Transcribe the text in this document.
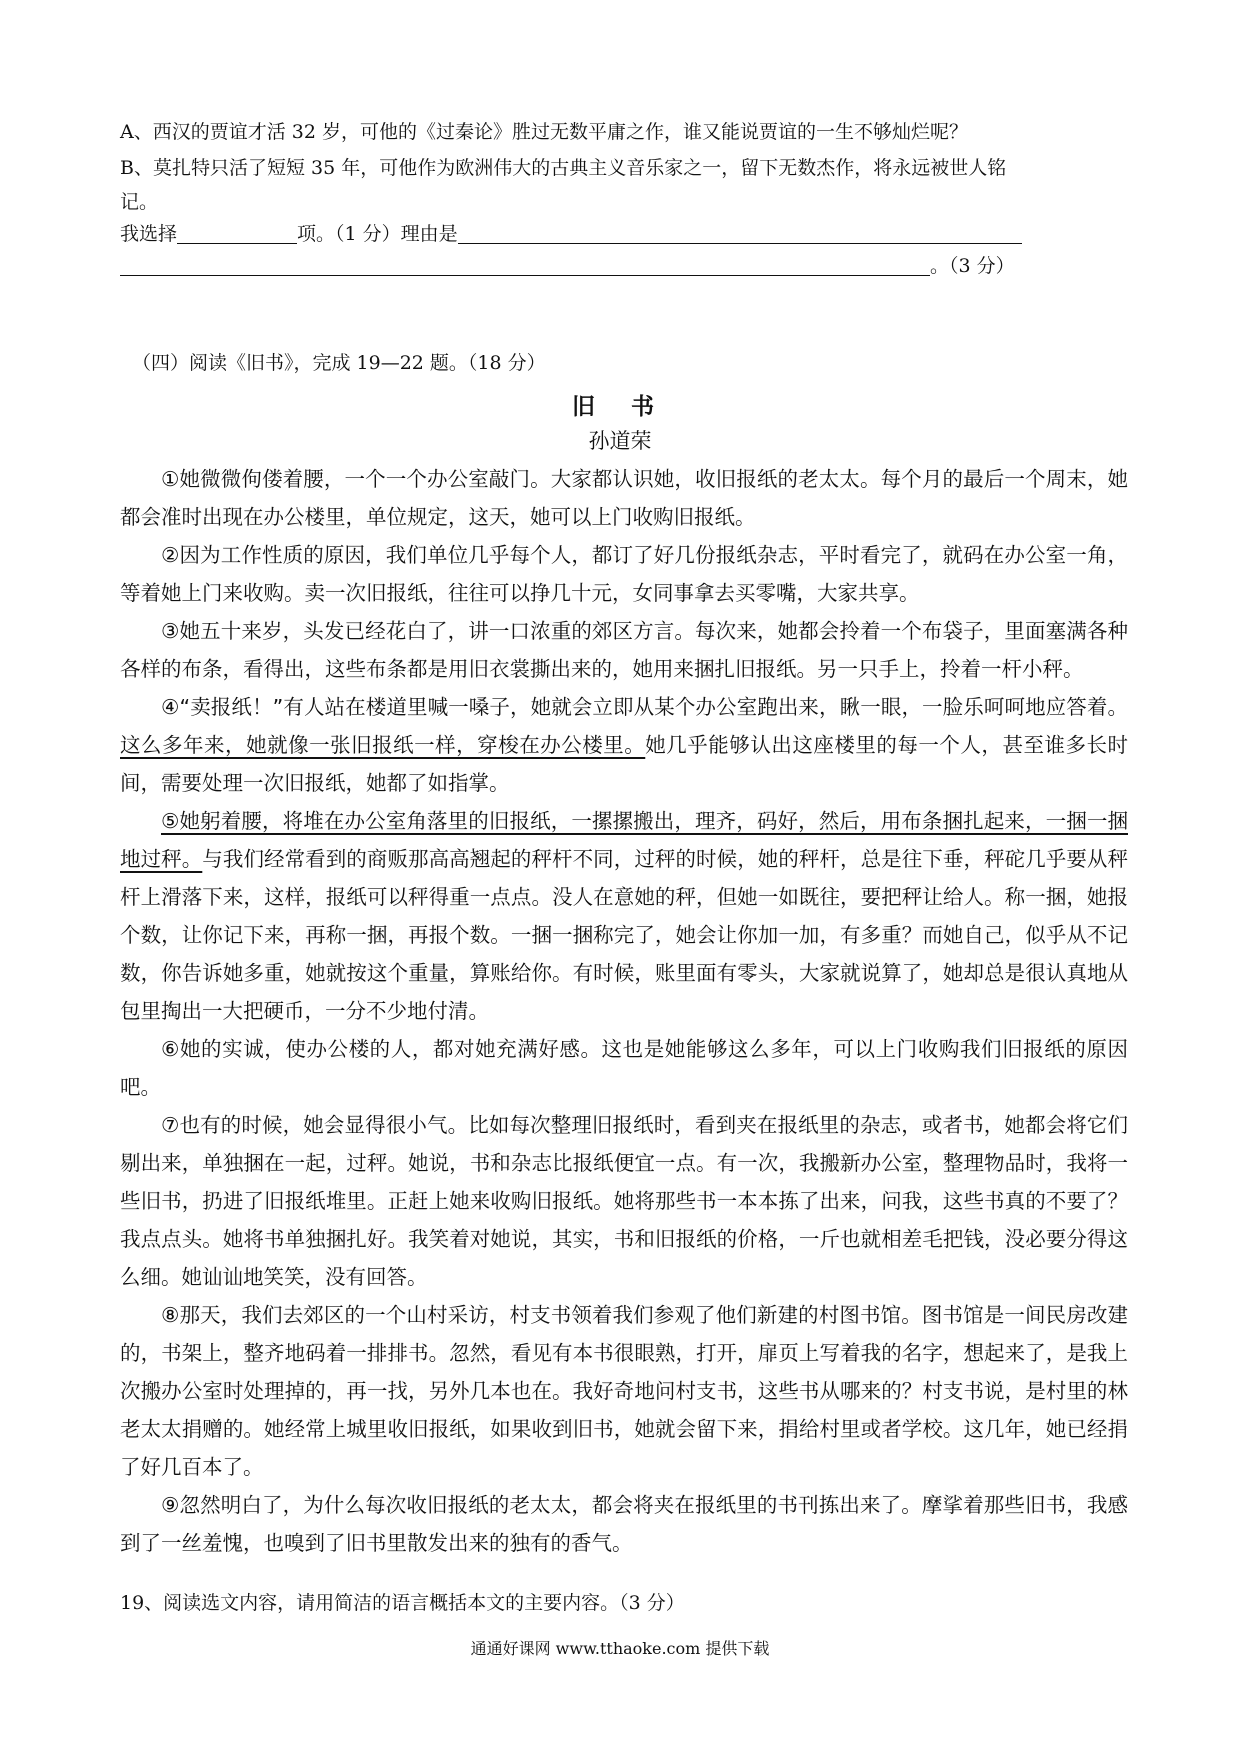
A、西汉的贾谊才活 32 岁，可他的《过秦论》胜过无数平庸之作，谁又能说贾谊的一生不够灿烂呢？
B、莫扎特只活了短短 35 年，可他作为欧洲伟大的古典主义音乐家之一，留下无数杰作，将永远被世人铭
记。
我选择	项。（1 分）理由是
。（3 分）
（四）阅读《旧书》，完成 19—22 题。（18 分）
旧 书
孙道荣

①她微微佝偻着腰，一个一个办公室敲门。大家都认识她，收旧报纸的老太太。每个月的最后一个周末，她都会准时出现在办公楼里，单位规定，这天，她可以上门收购旧报纸。

②因为工作性质的原因，我们单位几乎每个人，都订了好几份报纸杂志，平时看完了，就码在办公室一角，等着她上门来收购。卖一次旧报纸，往往可以挣几十元，女同事拿去买零嘴，大家共享。

③她五十来岁，头发已经花白了，讲一口浓重的郊区方言。每次来，她都会拎着一个布袋子，里面塞满各种各样的布条，看得出，这些布条都是用旧衣裳撕出来的，她用来捆扎旧报纸。另一只手上，拎着一杆小秤。

④“卖报纸！”有人站在楼道里喊一嗓子，她就会立即从某个办公室跑出来，瞅一眼，一脸乐呵呵地应答着。这么多年来，她就像一张旧报纸一样，穿梭在办公楼里。她几乎能够认出这座楼里的每一个人，甚至谁多长时间，需要处理一次旧报纸，她都了如指掌。

⑤她躬着腰，将堆在办公室角落里的旧报纸，一摞摞搬出，理齐，码好，然后，用布条捆扎起来，一捆一捆地过秤。与我们经常看到的商贩那高高翘起的秤杆不同，过秤的时候，她的秤杆，总是往下垂，秤砣几乎要从秤杆上滑落下来，这样，报纸可以秤得重一点点。没人在意她的秤，但她一如既往，要把秤让给人。称一捆，她报个数，让你记下来，再称一捆，再报个数。一捆一捆称完了，她会让你加一加，有多重？而她自己，似乎从不记数，你告诉她多重，她就按这个重量，算账给你。有时候，账里面有零头，大家就说算了，她却总是很认真地从包里掏出一大把硬币，一分不少地付清。

⑥她的实诚，使办公楼的人，都对她充满好感。这也是她能够这么多年，可以上门收购我们旧报纸的原因吧。

⑦也有的时候，她会显得很小气。比如每次整理旧报纸时，看到夹在报纸里的杂志，或者书，她都会将它们剔出来，单独捆在一起，过秤。她说，书和杂志比报纸便宜一点。有一次，我搬新办公室，整理物品时，我将一些旧书，扔进了旧报纸堆里。正赶上她来收购旧报纸。她将那些书一本本拣了出来，问我，这些书真的不要了？我点点头。她将书单独捆扎好。我笑着对她说，其实，书和旧报纸的价格，一斤也就相差毛把钱，没必要分得这么细。她讪讪地笑笑，没有回答。

⑧那天，我们去郊区的一个山村采访，村支书领着我们参观了他们新建的村图书馆。图书馆是一间民房改建的，书架上，整齐地码着一排排书。忽然，看见有本书很眼熟，打开，扉页上写着我的名字，想起来了，是我上次搬办公室时处理掉的，再一找，另外几本也在。我好奇地问村支书，这些书从哪来的？村支书说，是村里的林老太太捐赠的。她经常上城里收旧报纸，如果收到旧书，她就会留下来，捐给村里或者学校。这几年，她已经捐了好几百本了。

⑨忽然明白了，为什么每次收旧报纸的老太太，都会将夹在报纸里的书刊拣出来了。摩挲着那些旧书，我感到了一丝羞愧，也嗅到了旧书里散发出来的独有的香气。

19、阅读选文内容，请用简洁的语言概括本文的主要内容。（3 分）
通通好课网 www.tthaoke.com 提供下载
